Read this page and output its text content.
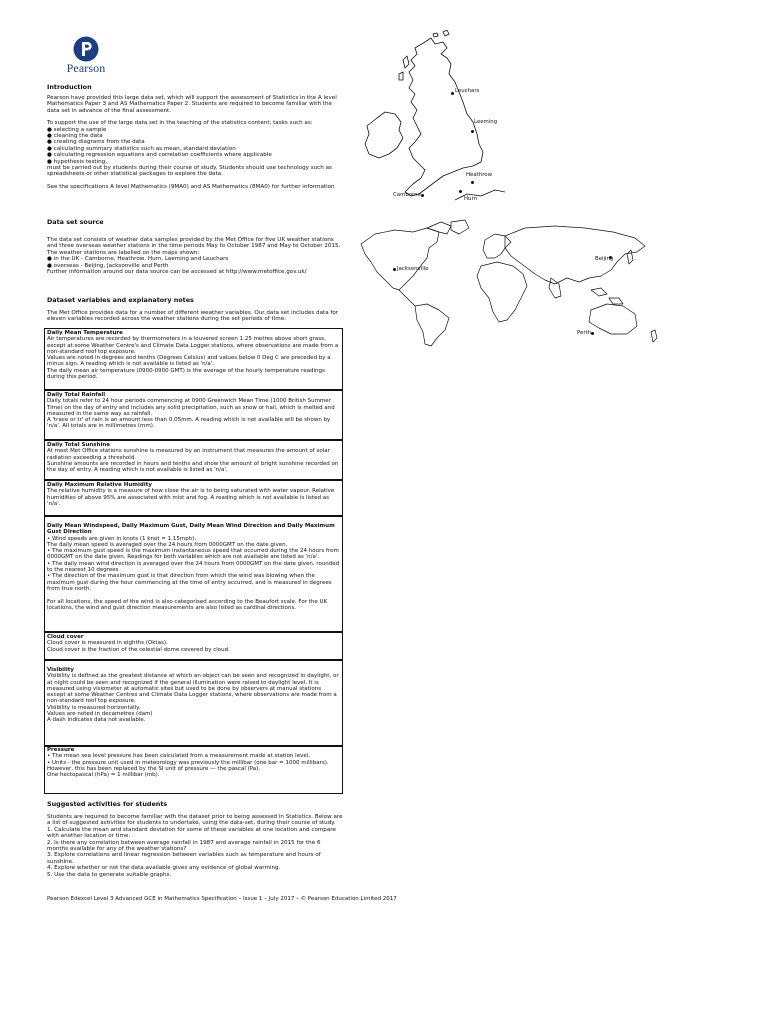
Pearson
Introduction

Pearson have provided this large data set, which will support the assessment of Statistics in the A level Mathematics Paper 3 and AS Mathematics Paper 2. Students are required to become familiar with the data set in advance of the final assessment.

To support the use of the large data set in the teaching of the statistics content, tasks such as:

● selecting a sample
● cleaning the data
● creating diagrams from the data
● calculating summary statistics such as mean, standard deviation
● calculating regression equations and correlation coefficients where applicable
● hypothesis testing,

must be carried out by students during their course of study. Students should use technology such as spreadsheets or other statistical packages to explore the data.

See the specifications A level Mathematics (9MA0) and AS Mathematics (8MA0) for further information

Data set source

The data set consists of weather data samples provided by the Met Office for five UK weather stations and three overseas weather stations in the time periods May to October 1987 and May to October 2015. The weather stations are labelled on the maps shown:

● in the UK - Camborne, Heathrow, Hurn, Leeming and Leuchars
● overseas - Beijing, Jacksonville and Perth

Further information around our data source can be accessed at http://www.metoffice.gov.uk/

Dataset variables and explanatory notes
The Met Office provides data for a number of different weather variables. Our data set includes data for eleven variables recorded across the weather stations during the set periods of time:
Daily Mean Temperature
Air temperatures are recorded by thermometers in a louvered screen 1.25 metres above short grass, except at some Weather Centre's and Climate Data Logger stations, where observations are made from a non-standard roof top exposure.
Values are noted in degrees and tenths (Degrees Celsius) and values below 0 Deg C are preceded by a minus sign. A reading which is not available is listed as 'n/a'.
The daily mean air temperature (0900-0900 GMT) is the average of the hourly temperature readings during this period.
Daily Total Rainfall
Daily totals refer to 24 hour periods commencing at 0900 Greenwich Mean Time (1000 British Summer Time) on the day of entry and includes any solid precipitation, such as snow or hail, which is melted and measured in the same way as rainfall.
A 'trace or tr' of rain is an amount less than 0.05mm. A reading which is not available will be shown by 'n/a'. All totals are in millimetres (mm).
Daily Total Sunshine
At most Met Office stations sunshine is measured by an instrument that measures the amount of solar radiation exceeding a threshold.
Sunshine amounts are recorded in hours and tenths and show the amount of bright sunshine recorded on the day of entry. A reading which is not available is listed as 'n/a'.
Daily Maximum Relative Humidity
The relative humidity is a measure of how close the air is to being saturated with water vapour. Relative humidities of above 95% are associated with mist and fog. A reading which is not available is listed as 'n/a'.
Daily Mean Windspeed, Daily Maximum Gust, Daily Mean Wind Direction and Daily Maximum Gust Direction
• Wind speeds are given in knots (1 knot = 1.15mph).
The daily mean speed is averaged over the 24 hours from 0000GMT on the date given.
• The maximum gust speed is the maximum instantaneous speed that occurred during the 24 hours from 0000GMT on the date given. Readings for both variables which are not available are listed as 'n/a'.
• The daily mean wind direction is averaged over the 24 hours from 0000GMT on the date given, rounded to the nearest 10 degrees
• The direction of the maximum gust is that direction from which the wind was blowing when the maximum gust during the hour commencing at the time of entry occurred, and is measured in degrees from true north.

For all locations, the speed of the wind is also categorised according to the Beaufort scale. For the UK locations, the wind and gust direction measurements are also listed as cardinal directions.
Cloud cover
Cloud cover is measured in eighths (Oktas).
Cloud cover is the fraction of the celestial dome covered by cloud.
Visibility
Visibility is defined as the greatest distance at which an object can be seen and recognized in daylight, or at night could be seen and recognized if the general illumination were raised to daylight level. It is measured using visiometer at automatic sites but used to be done by observers at manual stations except at some Weather Centres and Climate Data Logger stations, where observations are made from a non-standard roof top exposure.
Visibility is measured horizontally.
Values are noted in decametres (dam)
A dash indicates data not available.
Pressure
• The mean sea level pressure has been calculated from a measurement made at station level.
• Units - the pressure unit used in meteorology was previously the millibar (one bar = 1000 millibars). However, this has been replaced by the SI unit of pressure — the pascal (Pa).
One hectopascal (hPa) = 1 millibar (mb).
Suggested activities for students
Students are required to become familiar with the dataset prior to being assessed in Statistics. Below are a list of suggested activities for students to undertake, using the data-set, during their course of study.
1. Calculate the mean and standard deviation for some of these variables at one location and compare with another location or time.
2. Is there any correlation between average rainfall in 1987 and average rainfall in 2015 for the 6 months available for any of the weather stations?
3. Explore correlations and linear regression between variables such as temperature and hours of sunshine.
4. Explore whether or not the data available gives any evidence of global warming.
5. Use the data to generate suitable graphs.
Pearson Edexcel Level 3 Advanced GCE in Mathematics Specification – Issue 1 – July 2017 – © Pearson Education Limited 2017
Leuchars
Leeming
Heathrow
Camborne
Hurn
Beijing
Jacksonville
Perth
